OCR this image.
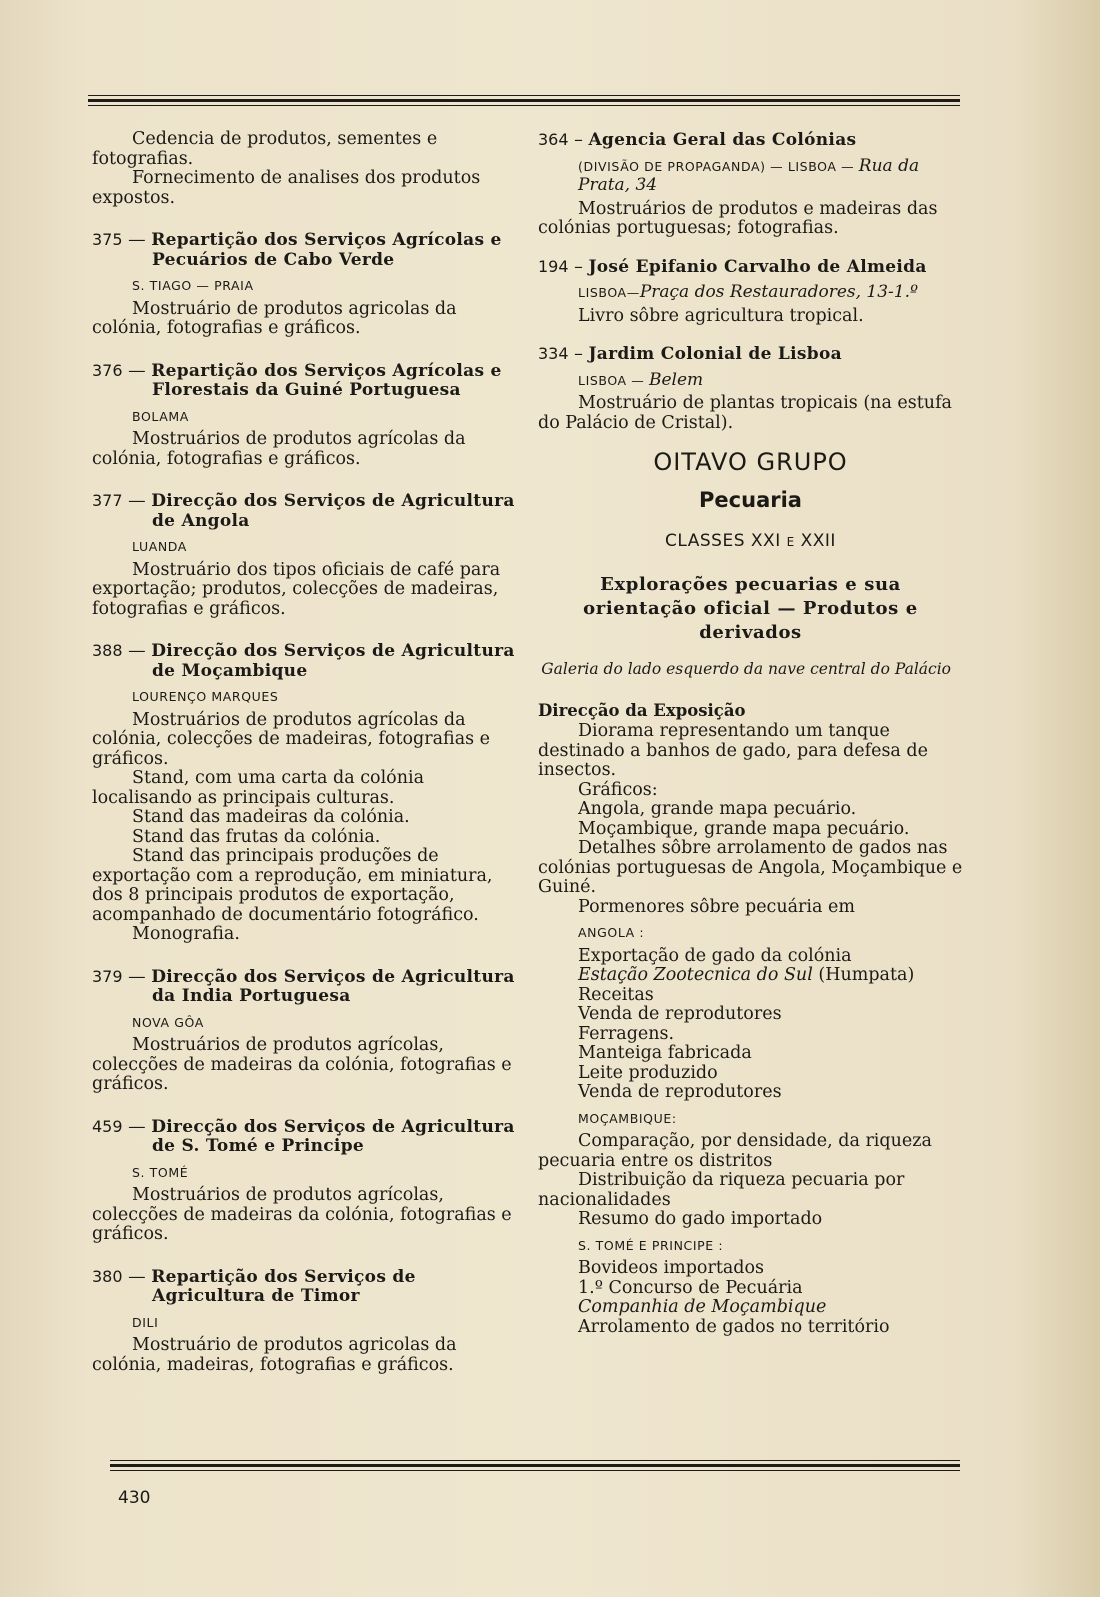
Cedencia de produtos, sementes e fotografias.

Fornecimento de analises dos produtos expostos.

375 — Repartição dos Serviços Agrícolas e Pecuários de Cabo Verde

S. TIAGO — PRAIA

Mostruário de produtos agricolas da colónia, fotografias e gráficos.

376 — Repartição dos Serviços Agrícolas e Florestais da Guiné Portuguesa

BOLAMA

Mostruários de produtos agrícolas da colónia, fotografias e gráficos.

377 — Direcção dos Serviços de Agricultura de Angola

LUANDA

Mostruário dos tipos oficiais de café para exportação; produtos, colecções de madeiras, fotografias e gráficos.

388 — Direcção dos Serviços de Agricultura de Moçambique

LOURENÇO MARQUES

Mostruários de produtos agrícolas da colónia, colecções de madeiras, fotografias e gráficos.

Stand, com uma carta da colónia localisando as principais culturas.

Stand das madeiras da colónia.

Stand das frutas da colónia.

Stand das principais produções de exportação com a reprodução, em miniatura, dos 8 principais produtos de exportação, acompanhado de documentário fotográfico.

Monografia.

379 — Direcção dos Serviços de Agricultura da India Portuguesa

NOVA GÔA

Mostruários de produtos agrícolas, colecções de madeiras da colónia, fotografias e gráficos.

459 — Direcção dos Serviços de Agricultura de S. Tomé e Principe

S. TOMÉ

Mostruários de produtos agrícolas, colecções de madeiras da colónia, fotografias e gráficos.

380 — Repartição dos Serviços de Agricultura de Timor

DILI

Mostruário de produtos agricolas da colónia, madeiras, fotografias e gráficos.

364 – Agencia Geral das Colónias

(DIVISÃO DE PROPAGANDA) — LISBOA — Rua da Prata, 34

Mostruários de produtos e madeiras das colónias portuguesas; fotografias.

194 – José Epifanio Carvalho de Almeida

LISBOA—Praça dos Restauradores, 13-1.º

Livro sôbre agricultura tropical.

334 – Jardim Colonial de Lisboa

LISBOA — Belem

Mostruário de plantas tropicais (na estufa do Palácio de Cristal).

OITAVO GRUPO
Pecuaria
CLASSES XXI E XXII
Explorações pecuarias e sua orientação oficial — Produtos e derivados
Galeria do lado esquerdo da nave central do Palácio

Direcção da Exposição

Diorama representando um tanque destinado a banhos de gado, para defesa de insectos.

Gráficos:

Angola, grande mapa pecuário.

Moçambique, grande mapa pecuário.

Detalhes sôbre arrolamento de gados nas colónias portuguesas de Angola, Moçambique e Guiné.

Pormenores sôbre pecuária em

ANGOLA :

Exportação de gado da colónia

Estação Zootecnica do Sul (Humpata)

Receitas

Venda de reprodutores

Ferragens.

Manteiga fabricada

Leite produzido

Venda de reprodutores

MOÇAMBIQUE:

Comparação, por densidade, da riqueza pecuaria entre os distritos

Distribuição da riqueza pecuaria por nacionalidades

Resumo do gado importado

S. TOMÉ E PRINCIPE :

Bovideos importados

1.º Concurso de Pecuária

Companhia de Moçambique

Arrolamento de gados no território

430
